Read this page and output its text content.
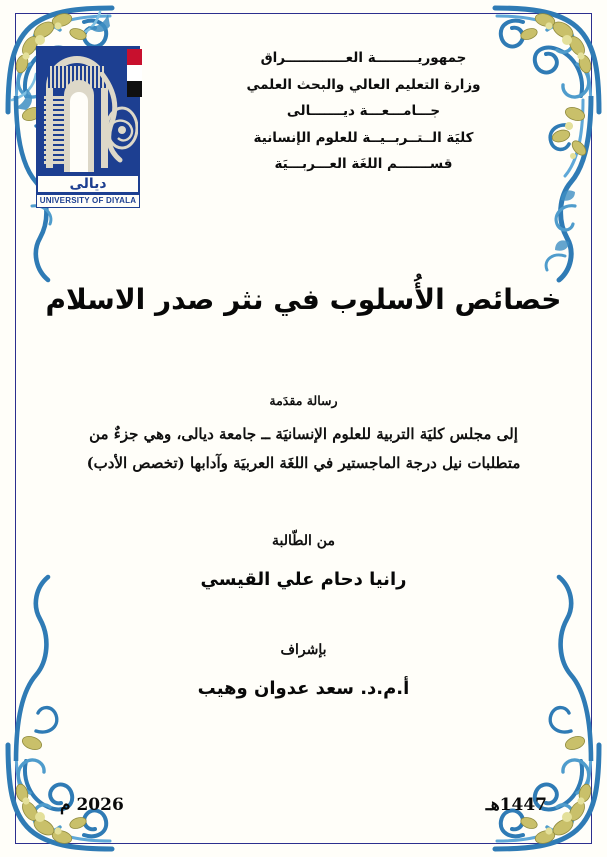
ديالى
UNIVERSITY OF DIYALA
جمهوريـــــــــة العـــــــــــــراق
وزارة التعليم العالي والبحث العلمي
جـــامـــعـــة ديـــــــالى
كليَة الــتــربــيــة للعلوم الإنسانية
قســـــــم اللغَة العـــربـــيَة
خصائص الأُسلوب في نثر صدر الاسلام
رسالة مقدَمة
إلى مجلس كليَة التربية للعلوم الإنسانيَة ــ جامعة ديالى، وهي جزءٌ من
متطلبات نيل درجة الماجستير في اللغَة العربيَة وآدابها (تخصص الأدب)
من الطّالبة
رانيا دحام علي القيسي
بإشراف
أ.م.د. سعد عدوان وهيب
1447هـ
2026 م
